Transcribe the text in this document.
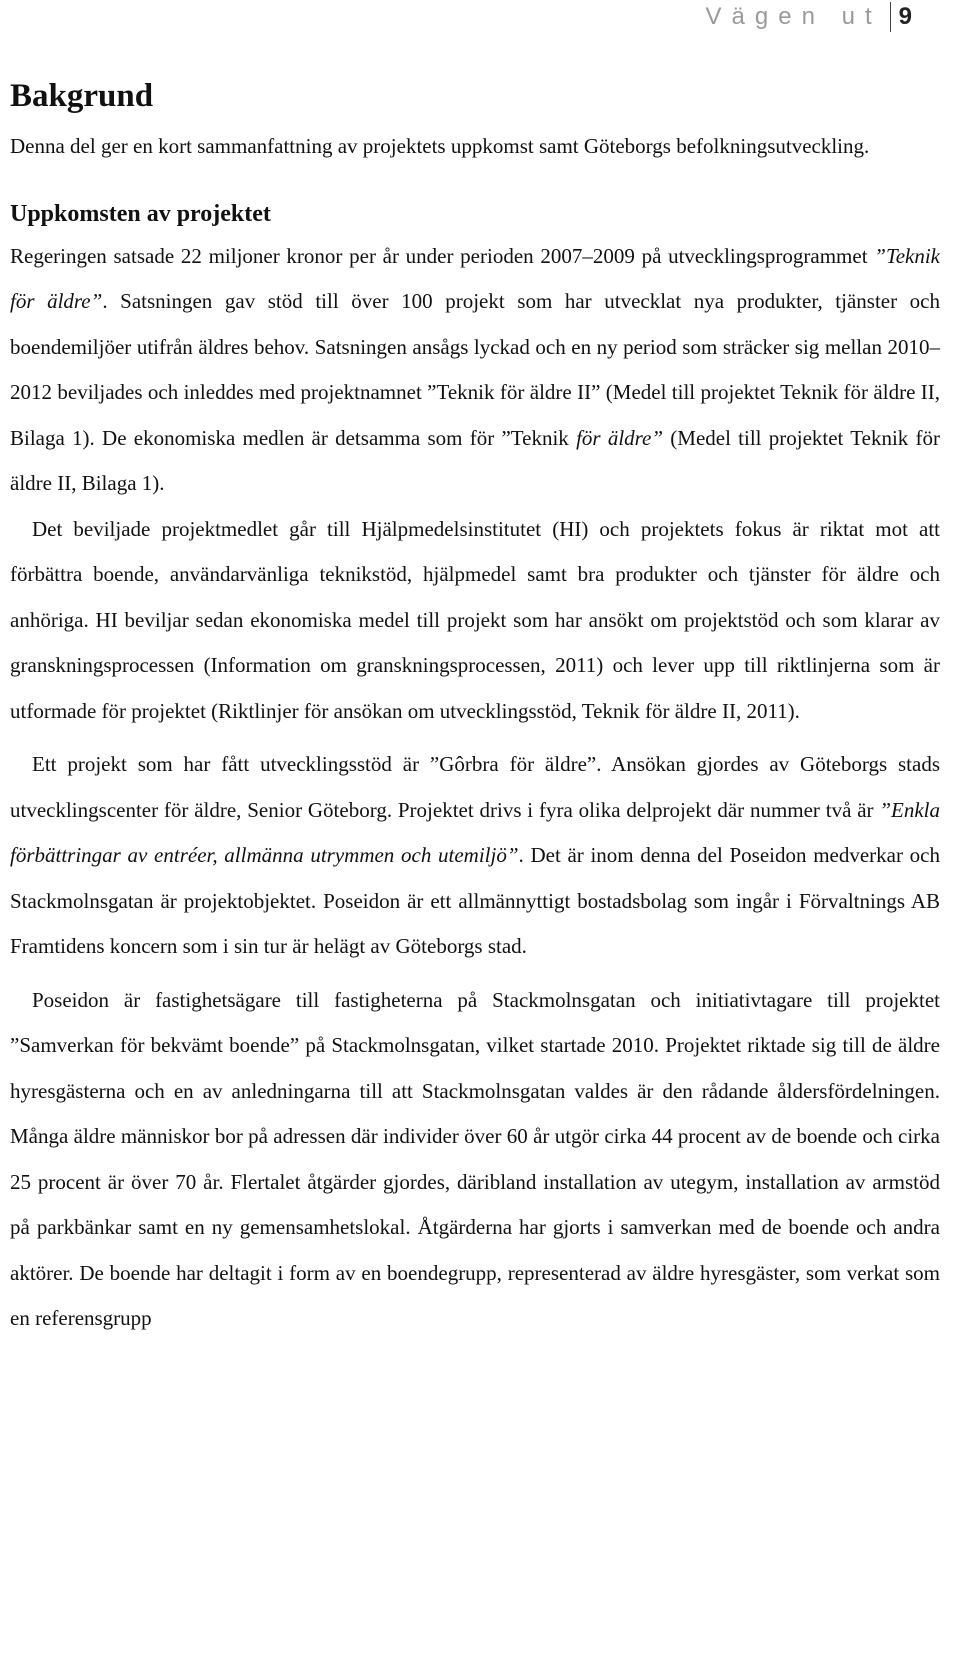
Vägen ut 9
Bakgrund

Denna del ger en kort sammanfattning av projektets uppkomst samt Göteborgs befolkningsutveckling.

Uppkomsten av projektet

Regeringen satsade 22 miljoner kronor per år under perioden 2007–2009 på utvecklingsprogrammet ”Teknik för äldre”. Satsningen gav stöd till över 100 projekt som har utvecklat nya produkter, tjänster och boendemiljöer utifrån äldres behov. Satsningen ansågs lyckad och en ny period som sträcker sig mellan 2010–2012 beviljades och inleddes med projektnamnet ”Teknik för äldre II” (Medel till projektet Teknik för äldre II, Bilaga 1). De ekonomiska medlen är detsamma som för ”Teknik för äldre” (Medel till projektet Teknik för äldre II, Bilaga 1).

Det beviljade projektmedlet går till Hjälpmedelsinstitutet (HI) och projektets fokus är riktat mot att förbättra boende, användarvänliga teknikstöd, hjälpmedel samt bra produkter och tjänster för äldre och anhöriga. HI beviljar sedan ekonomiska medel till projekt som har ansökt om projektstöd och som klarar av granskningsprocessen (Information om granskningsprocessen, 2011) och lever upp till riktlinjerna som är utformade för projektet (Riktlinjer för ansökan om utvecklingsstöd, Teknik för äldre II, 2011).

Ett projekt som har fått utvecklingsstöd är ”Gôrbra för äldre”. Ansökan gjordes av Göteborgs stads utvecklingscenter för äldre, Senior Göteborg. Projektet drivs i fyra olika delprojekt där nummer två är ”Enkla förbättringar av entréer, allmänna utrymmen och utemiljö”. Det är inom denna del Poseidon medverkar och Stackmolnsgatan är projektobjektet. Poseidon är ett allmännyttigt bostadsbolag som ingår i Förvaltnings AB Framtidens koncern som i sin tur är helägt av Göteborgs stad.

Poseidon är fastighetsägare till fastigheterna på Stackmolnsgatan och initiativtagare till projektet ”Samverkan för bekvämt boende” på Stackmolnsgatan, vilket startade 2010. Projektet riktade sig till de äldre hyresgästerna och en av anledningarna till att Stackmolnsgatan valdes är den rådande åldersfördelningen. Många äldre människor bor på adressen där individer över 60 år utgör cirka 44 procent av de boende och cirka 25 procent är över 70 år. Flertalet åtgärder gjordes, däribland installation av utegym, installation av armstöd på parkbänkar samt en ny gemensamhetslokal. Åtgärderna har gjorts i samverkan med de boende och andra aktörer. De boende har deltagit i form av en boendegrupp, representerad av äldre hyresgäster, som verkat som en referensgrupp
